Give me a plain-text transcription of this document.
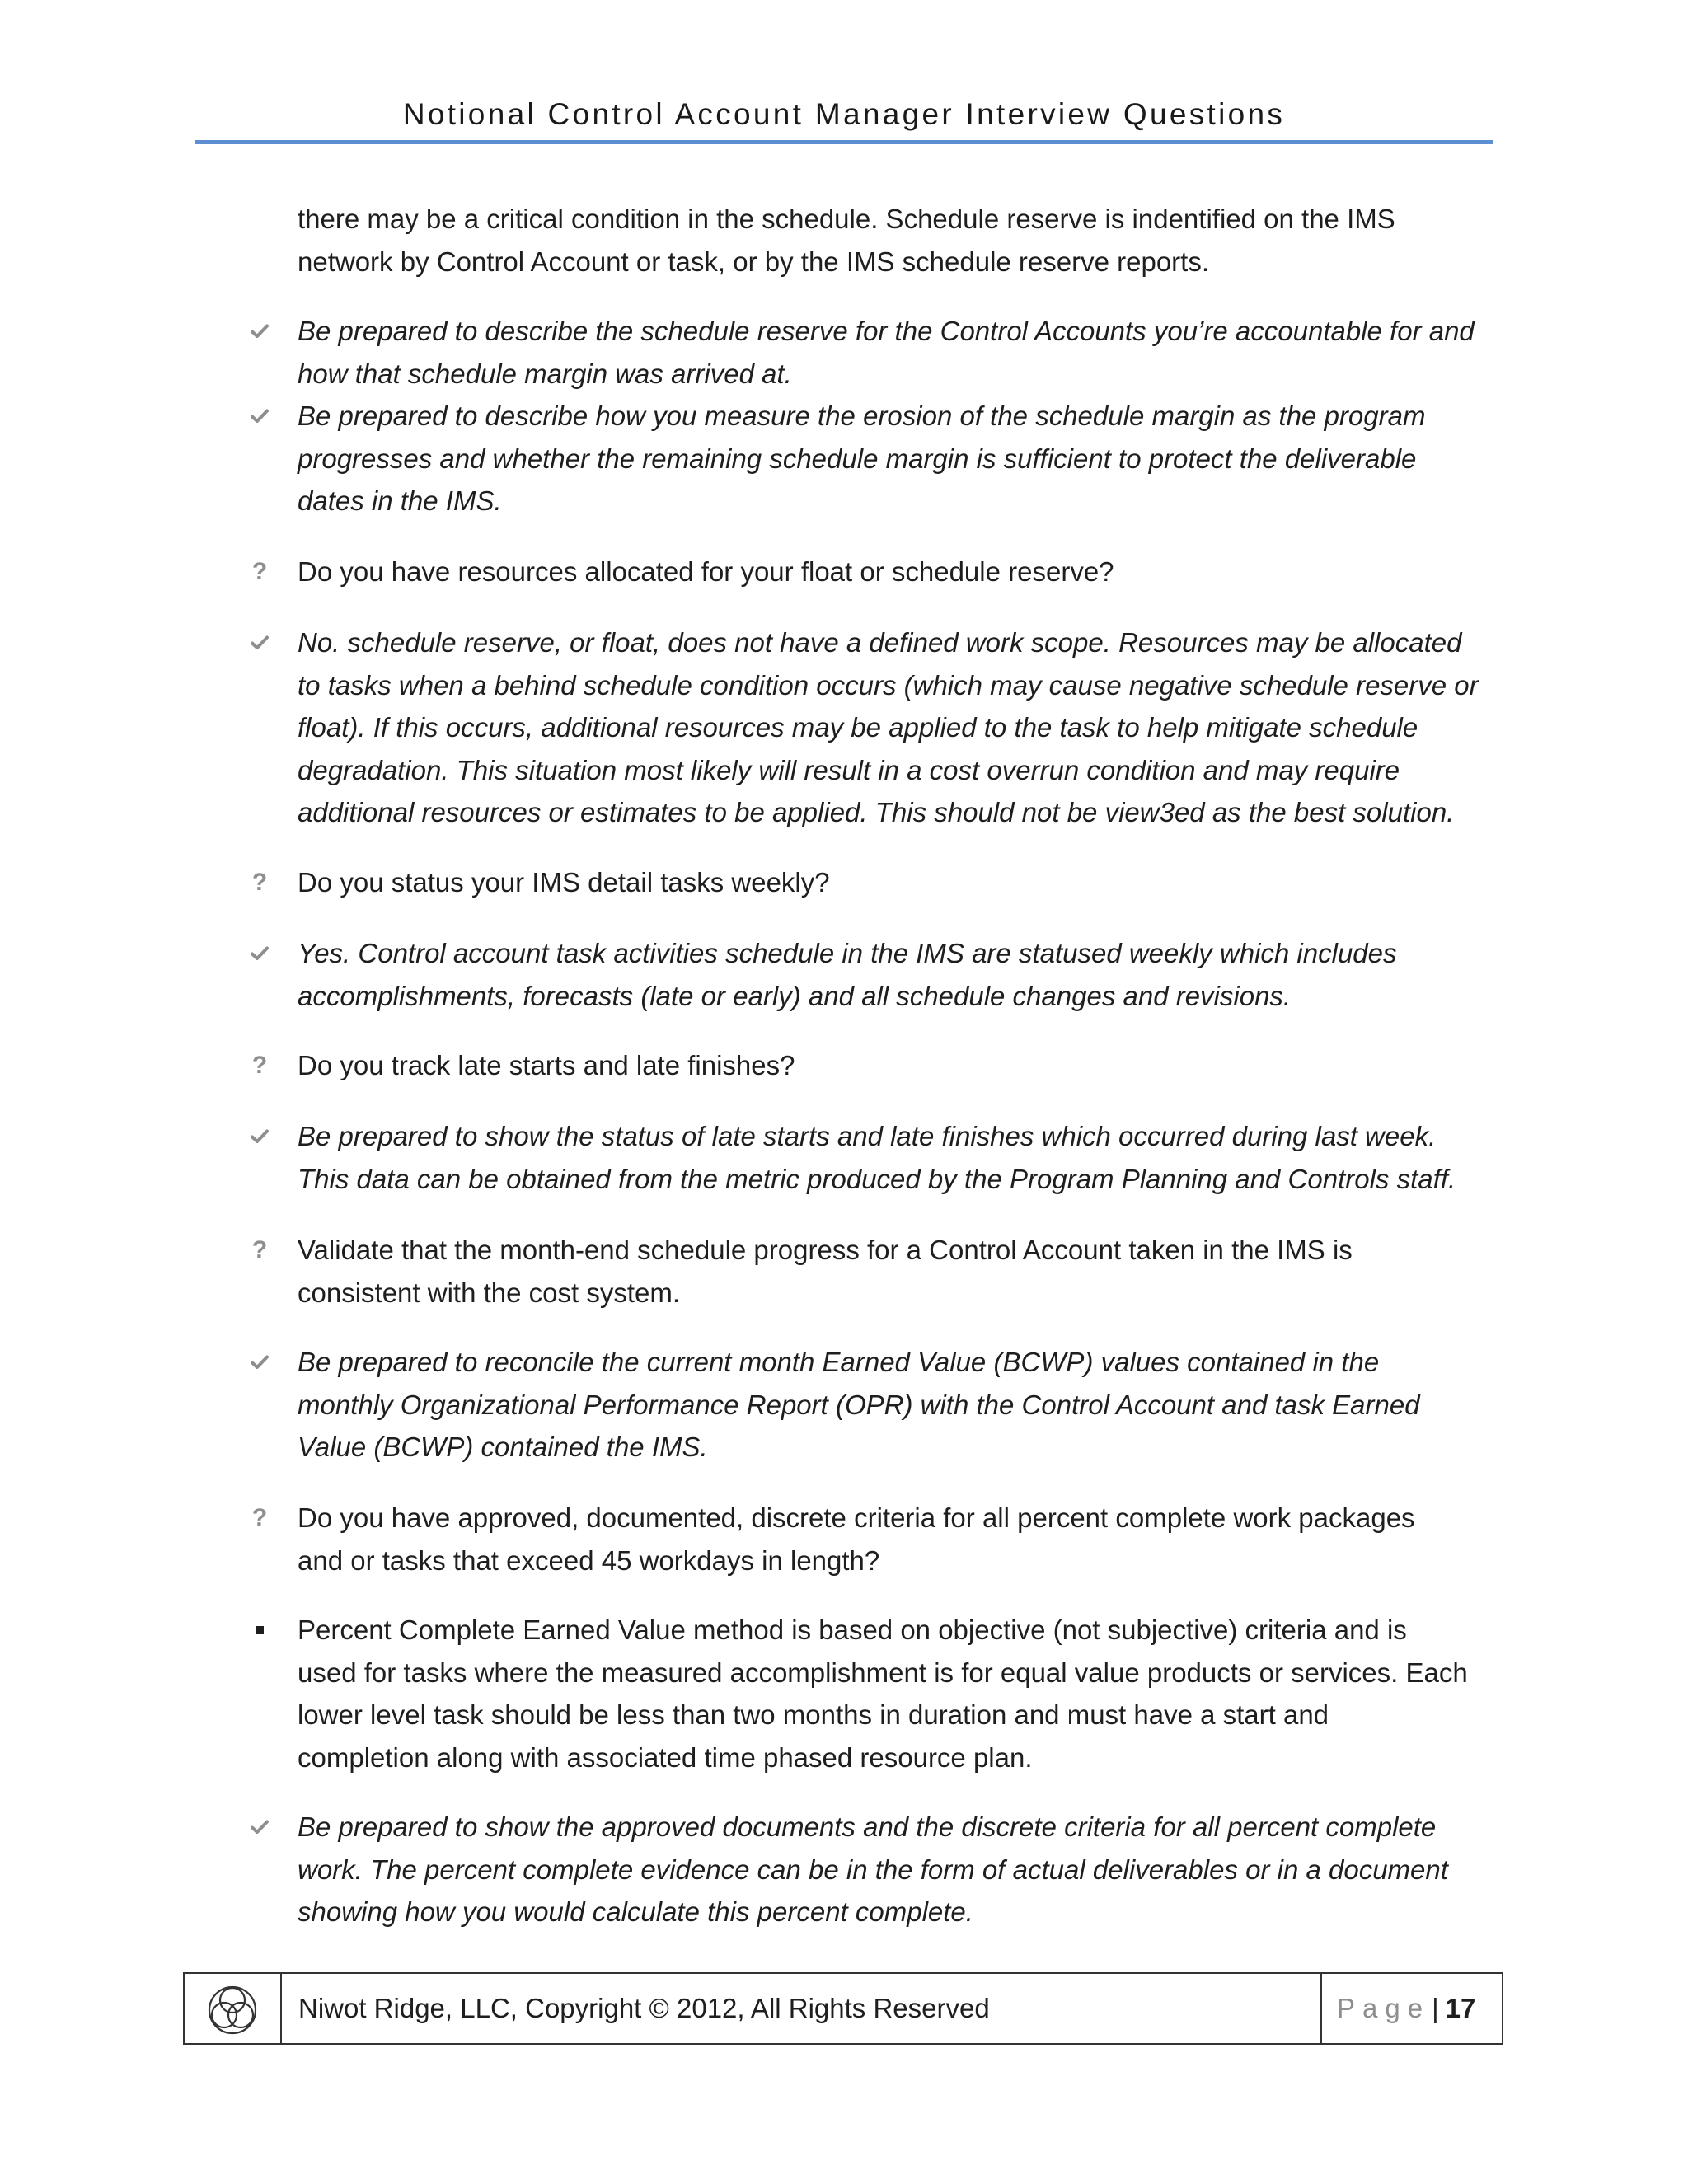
Notional Control Account Manager Interview Questions
there may be a critical condition in the schedule. Schedule reserve is indentified on the IMS
network by Control Account or task, or by the IMS schedule reserve reports.
Be prepared to describe the schedule reserve for the Control Accounts you’re accountable for and
how that schedule margin was arrived at.
Be prepared to describe how you measure the erosion of the schedule margin as the program
progresses and whether the remaining schedule margin is sufficient to protect the deliverable
dates in the IMS.
? Do you have resources allocated for your float or schedule reserve?
No. schedule reserve, or float, does not have a defined work scope. Resources may be allocated
to tasks when a behind schedule condition occurs (which may cause negative schedule reserve or
float). If this occurs, additional resources may be applied to the task to help mitigate schedule
degradation. This situation most likely will result in a cost overrun condition and may require
additional resources or estimates to be applied. This should not be view3ed as the best solution.
? Do you status your IMS detail tasks weekly?
Yes. Control account task activities schedule in the IMS are statused weekly which includes
accomplishments, forecasts (late or early) and all schedule changes and revisions.
? Do you track late starts and late finishes?
Be prepared to show the status of late starts and late finishes which occurred during last week.
This data can be obtained from the metric produced by the Program Planning and Controls staff.
? Validate that the month-end schedule progress for a Control Account taken in the IMS is
consistent with the cost system.
Be prepared to reconcile the current month Earned Value (BCWP) values contained in the
monthly Organizational Performance Report (OPR) with the Control Account and task Earned
Value (BCWP) contained the IMS.
? Do you have approved, documented, discrete criteria for all percent complete work packages
and or tasks that exceed 45 workdays in length?
Percent Complete Earned Value method is based on objective (not subjective) criteria and is
used for tasks where the measured accomplishment is for equal value products or services. Each
lower level task should be less than two months in duration and must have a start and
completion along with associated time phased resource plan.
Be prepared to show the approved documents and the discrete criteria for all percent complete
work. The percent complete evidence can be in the form of actual deliverables or in a document
showing how you would calculate this percent complete.
Niwot Ridge, LLC, Copyright © 2012, All Rights Reserved	Page | 17
